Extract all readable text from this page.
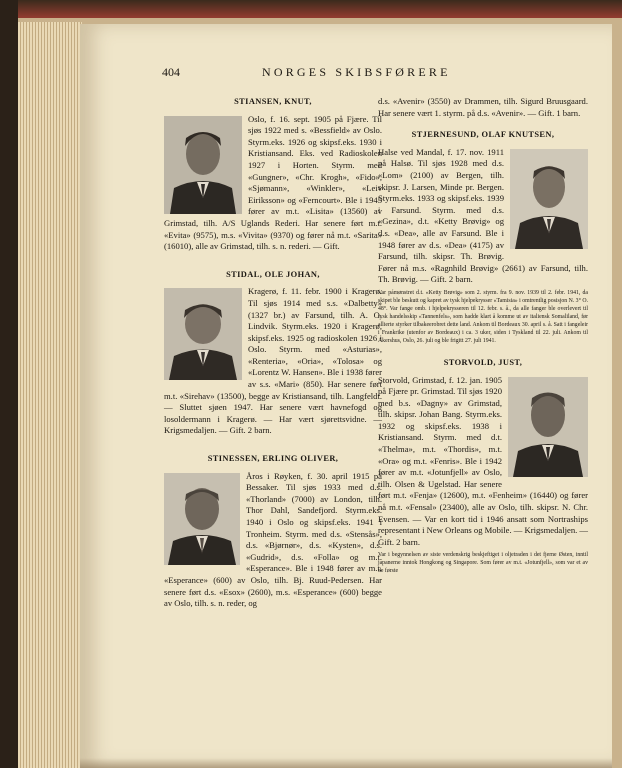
404	NORGES SKIBSFØRERE
STIANSEN, KNUT,

Oslo, f. 16. sept. 1905 på Fjære. Til sjøs 1922 med s. «Bessfield» av Oslo. Styrm.eks. 1926 og skipsf.eks. 1930 i Kristiansand. Eks. ved Radioskolen 1927 i Horten. Styrm. med «Gungner», «Chr. Krogh», «Fido», «Sjømann», «Winkler», «Leiv Eiriksson» og «Ferncourt». Ble i 1945 fører av m.t. «Lisita» (13560) av Grimstad, tilh. A/S Uglands Rederi. Har senere ført m.t. «Evita» (9575), m.s. «Vivita» (9370) og fører nå m.t. «Sarita» (16010), alle av Grimstad, tilh. s. n. rederi. — Gift.

STIDAL, OLE JOHAN,

Kragerø, f. 11. febr. 1900 i Kragerø. Til sjøs 1914 med s.s. «Dalbetty» (1327 br.) av Farsund, tilh. A. O. Lindvik. Styrm.eks. 1920 i Kragerø, skipsf.eks. 1925 og radioskolen 1926 i Oslo. Styrm. med «Asturias», «Renteria», «Oria», «Tolosa» og «Lorentz W. Hansen». Ble i 1938 fører av s.s. «Mari» (850). Har senere ført m.t. «Sirehav» (13500), begge av Kristiansand, tilh. Langfeldt. — Sluttet sjøen 1947. Har senere vært havnefogd og losoldermann i Kragerø. — Har vært sjørettsvidne. — Krigsmedaljen. — Gift. 2 barn.

STINESSEN, ERLING OLIVER,

Åros i Røyken, f. 30. april 1915 på Bessaker. Til sjøs 1933 med d.s. «Thorland» (7000) av London, tilh. Thor Dahl, Sandefjord. Styrm.eks. 1940 i Oslo og skipsf.eks. 1941 i Tronheim. Styrm. med d.s. «Stensås», d.s. «Bjørnør», d.s. «Kysten», d.s. «Gudrid», d.s. «Folla» og m.t. «Esperance». Ble i 1948 fører av m.t. «Esperance» (600) av Oslo, tilh. Bj. Ruud-Pedersen. Har senere ført d.s. «Esox» (2600), m.s. «Esperance» (600) begge av Oslo, tilh. s. n. reder, og

d.s. «Avenir» (3550) av Drammen, tilh. Sigurd Bruusgaard. Har senere vært 1. styrm. på d.s. «Avenir». — Gift. 1 barn.

STJERNESUND, OLAF KNUTSEN,

Halse ved Mandal, f. 17. nov. 1911 på Halsø. Til sjøs 1928 med d.s. «Lom» (2100) av Bergen, tilh. skipsr. J. Larsen, Minde pr. Bergen. Styrm.eks. 1933 og skipsf.eks. 1939 i Farsund. Styrm. med d.s. «Gezina», d.t. «Ketty Brøvig» og d.s. «Dea», alle av Farsund. Ble i 1948 fører av d.s. «Dea» (4175) av Farsund, tilh. skipsr. Th. Brøvig. Fører nå m.s. «Ragnhild Brøvig» (2661) av Farsund, tilh. Th. Brøvig. — Gift. 2 barn.

Var pámønstret d.t. «Ketty Brøvig» som 2. styrm. fra 9. nov. 1939 til 2. febr. 1941, da skipet ble beskutt og kapret av tysk hjelpekrysser «Tamisia» i omtrentlig posisjon N. 3° O. 48°. Var fange omb. i hjelpekrysseren til 12. febr. s. å., da alle fanger ble overlevert til tysk handelsskip «Tannenfels», som hadde klart å komme ut av italiensk Somaliland, før allierte styrker tilbakeerobret dette land. Ankom til Bordeaux 30. april s. å. Satt i fangeleir i Frankrike (utenfor av Bordeaux) i ca. 3 uker, siden i Tyskland til 22. juli. Ankom til Akershus, Oslo, 26. juli og ble frigitt 27. juli 1941.
STORVOLD, JUST,

Storvold, Grimstad, f. 12. jan. 1905 på Fjære pr. Grimstad. Til sjøs 1920 med b.s. «Dagny» av Grimstad, tilh. skipsr. Johan Bang. Styrm.eks. 1932 og skipsf.eks. 1938 i Kristiansand. Styrm. med d.t. «Thelma», m.t. «Thordis», m.t. «Ora» og m.t. «Fenris». Ble i 1942 fører av m.t. «Jotunfjell» av Oslo, tilh. Olsen & Ugelstad. Har senere ført m.t. «Fenja» (12600), m.t. «Fenheim» (16440) og fører nå m.t. «Fensal» (23400), alle av Oslo, tilh. skipsr. N. Chr. Evensen. — Var en kort tid i 1946 ansatt som Nortraships representant i New Orleans og Mobile. — Krigsmedaljen. — Gift. 2 barn.

Var i begynnelsen av siste verdenskrig beskjeftiget i oljetraden i det fjerne Østen, inntil japanerne inntok Hongkong og Singapore. Som fører av m.t. «Jotunfjell», som var et av de første
